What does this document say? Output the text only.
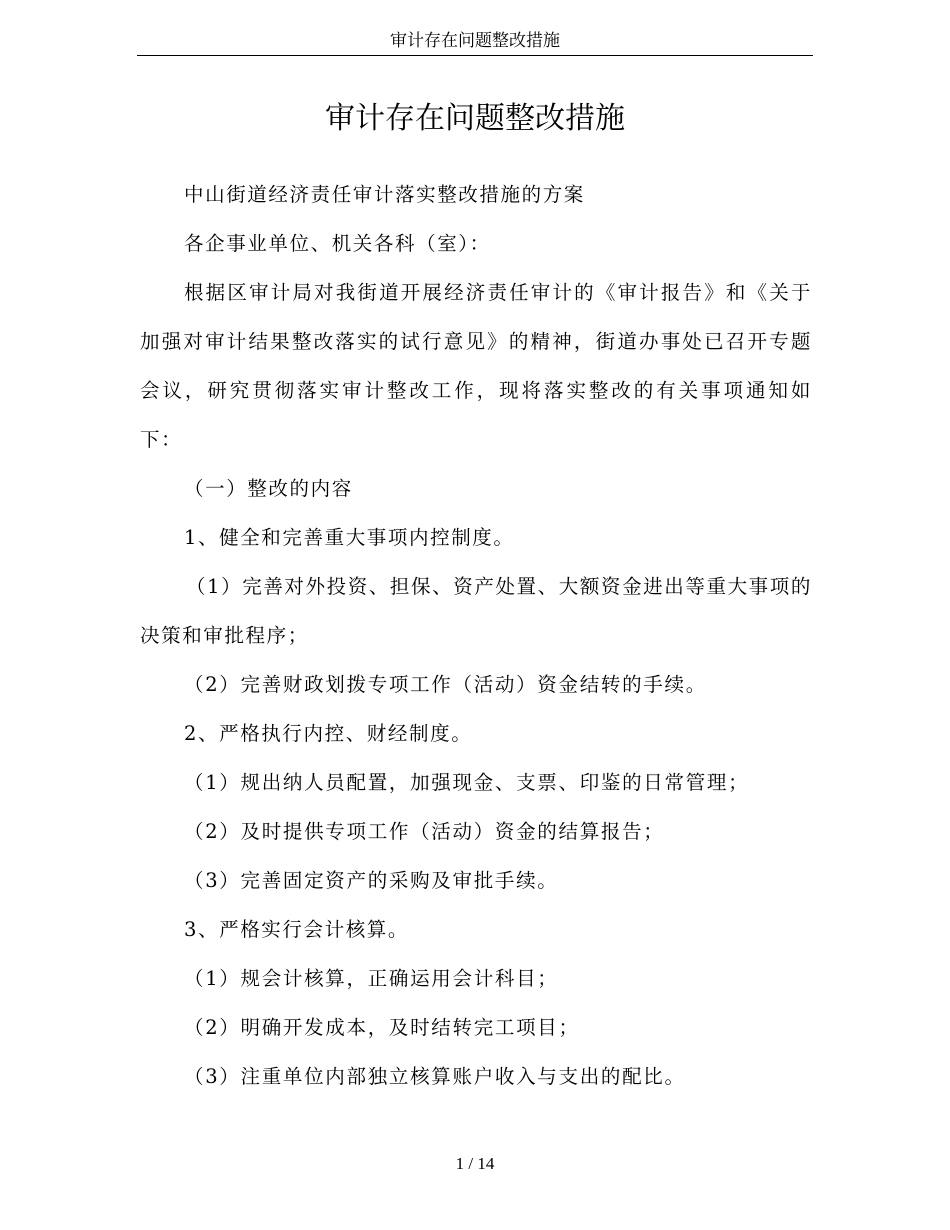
审计存在问题整改措施
审计存在问题整改措施
中山街道经济责任审计落实整改措施的方案
各企事业单位、机关各科（室）：

根据区审计局对我街道开展经济责任审计的《审计报告》和《关于加强对审计结果整改落实的试行意见》的精神，街道办事处已召开专题会议，研究贯彻落实审计整改工作，现将落实整改的有关事项通知如下：

（一）整改的内容
1、健全和完善重大事项内控制度。

（1）完善对外投资、担保、资产处置、大额资金进出等重大事项的决策和审批程序；

（2）完善财政划拨专项工作（活动）资金结转的手续。
2、严格执行内控、财经制度。
（1）规出纳人员配置，加强现金、支票、印鉴的日常管理；
（2）及时提供专项工作（活动）资金的结算报告；
（3）完善固定资产的采购及审批手续。
3、严格实行会计核算。
（1）规会计核算，正确运用会计科目；
（2）明确开发成本，及时结转完工项目；
（3）注重单位内部独立核算账户收入与支出的配比。
1 / 14
